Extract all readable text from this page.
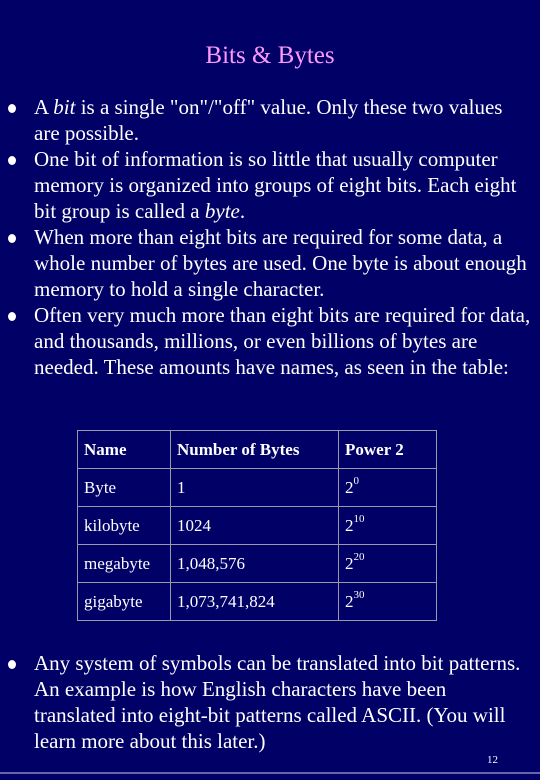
Bits & Bytes
A bit is a single "on"/"off" value. Only these two values are possible.
One bit of information is so little that usually computer memory is organized into groups of eight bits. Each eight bit group is called a byte.
When more than eight bits are required for some data, a whole number of bytes are used. One byte is about enough memory to hold a single character.
Often very much more than eight bits are required for data, and thousands, millions, or even billions of bytes are needed. These amounts have names, as seen in the table:
Name	Number of Bytes	Power 2
Byte	1	$2^0$
kilobyte	1024	$2^{10}$
megabyte	1,048,576	$2^{20}$
gigabyte	1,073,741,824	$2^{30}$
Any system of symbols can be translated into bit patterns. An example is how English characters have been translated into eight-bit patterns called ASCII. (You will learn more about this later.)
12
